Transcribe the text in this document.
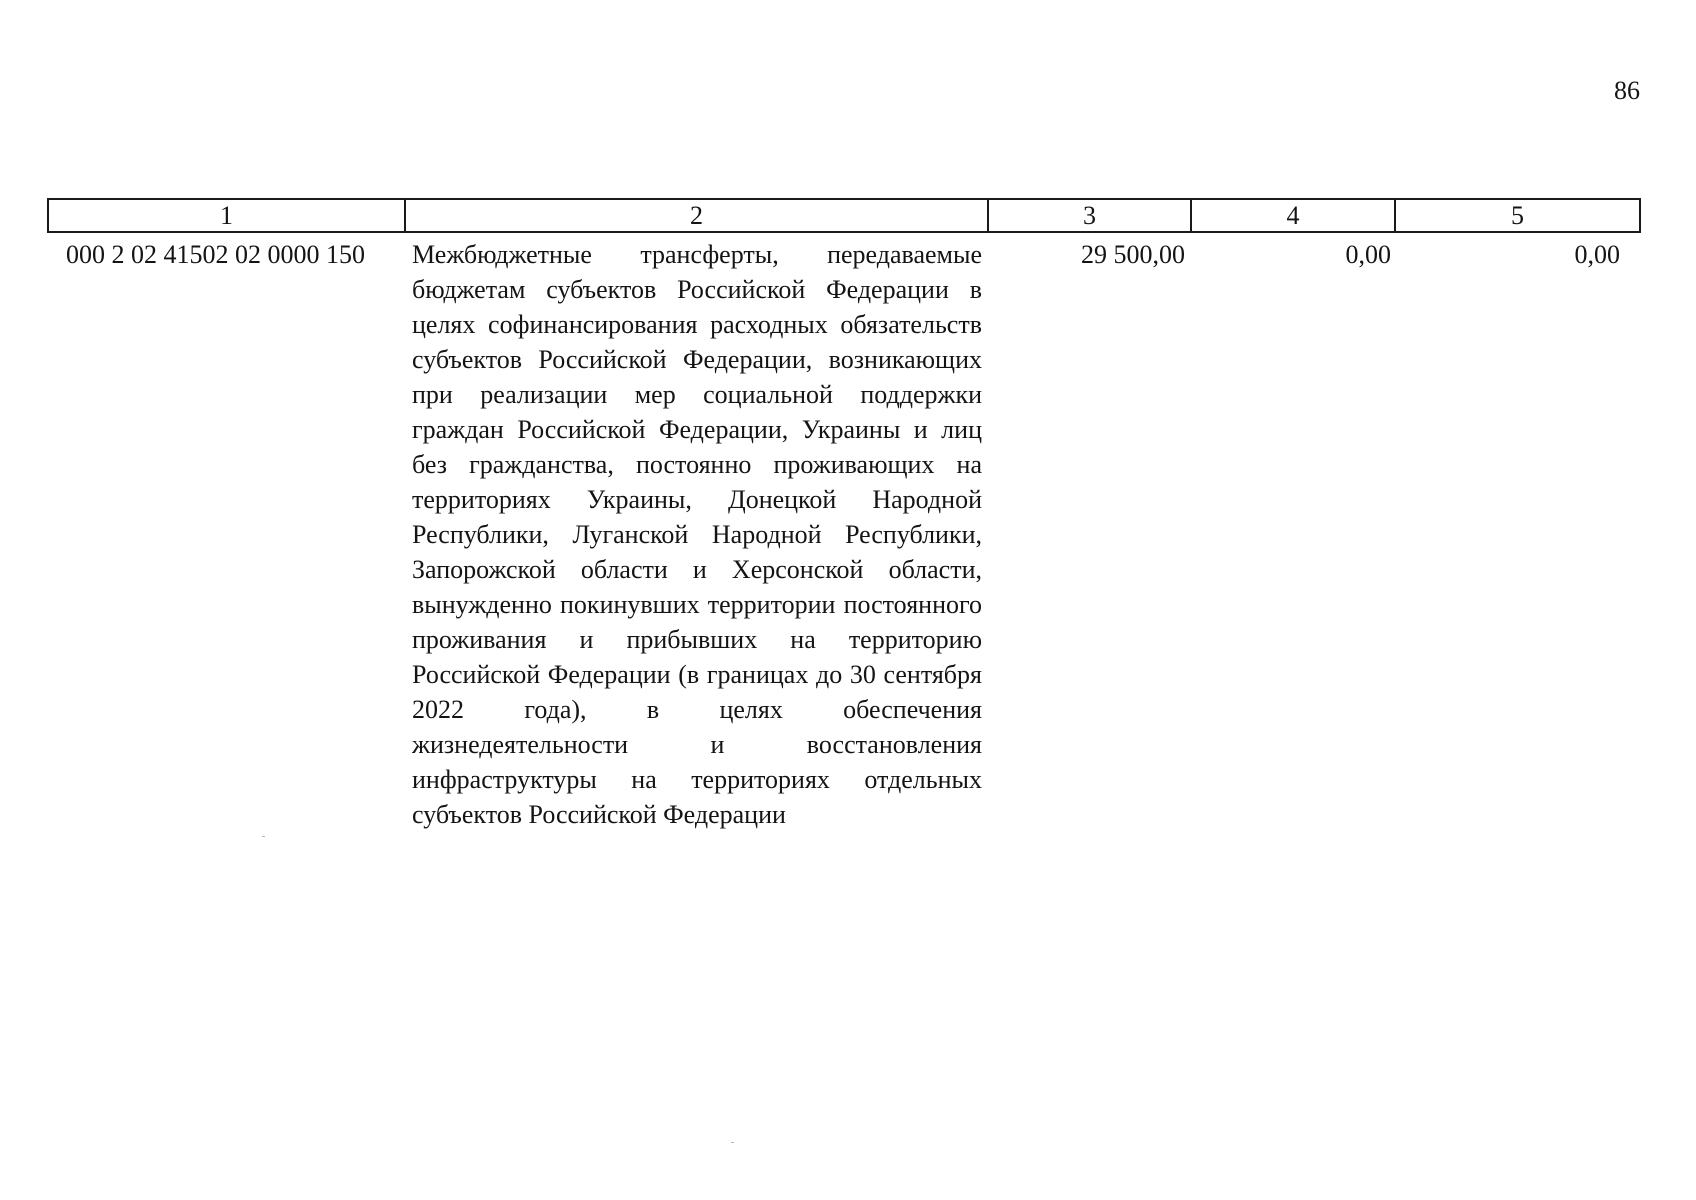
86
1	2	3	4	5
000 2 02 41502 02 0000 150	Межбюджетные трансферты, передаваемые бюджетам субъектов Российской Федерации в целях софинансирования расходных обязательств субъектов Российской Федерации, возникающих при реализации мер социальной поддержки граждан Российской Федерации, Украины и лиц без гражданства, постоянно проживающих на территориях Украины, Донецкой Народной Республики, Луганской Народной Республики, Запорожской области и Херсонской области, вынужденно покинувших территории постоянного проживания и прибывших на территорию Российской Федерации (в границах до 30 сентября 2022 года), в целях обеспечения жизнедеятельности и восстановления инфраструктуры на территориях отдельных субъектов Российской Федерации	29 500,00	0,00	0,00
